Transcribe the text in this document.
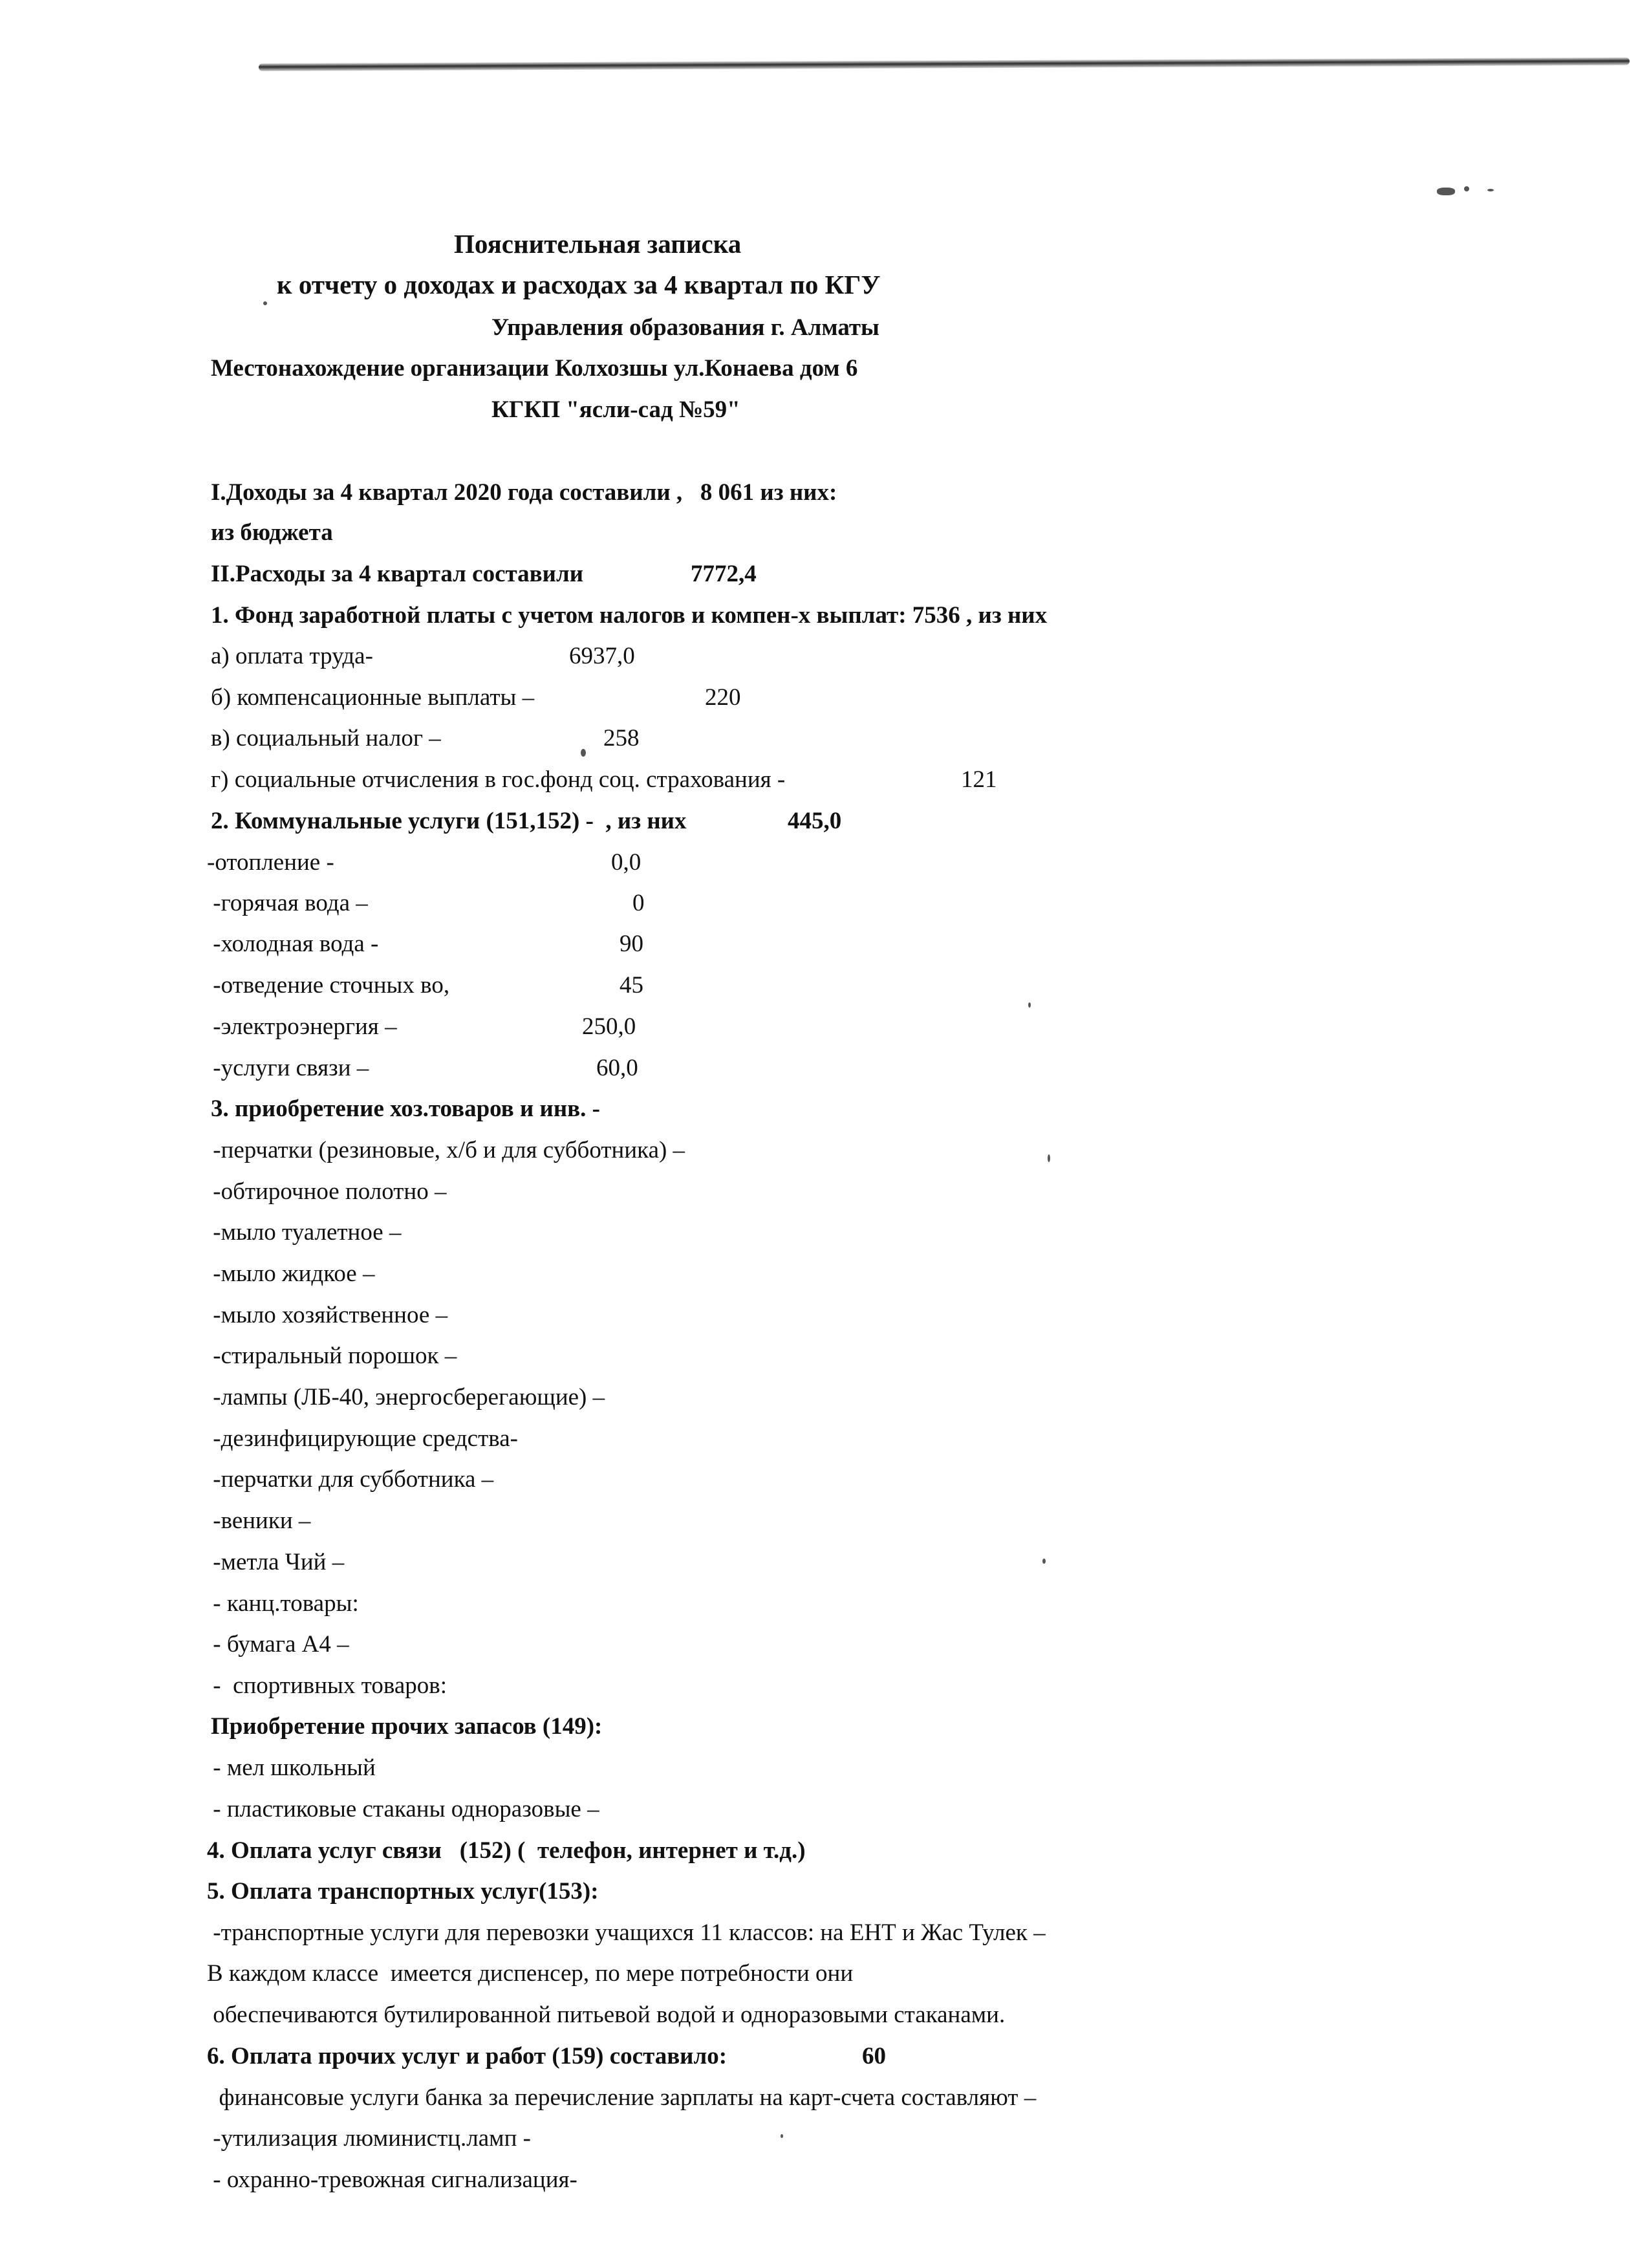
Пояснительная записка
к отчету о доходах и расходах за 4 квартал по КГУ
Управления образования г. Алматы
Местонахождение организации Колхозшы ул.Конаева дом 6
КГКП "ясли-сад №59"
I.Доходы за 4 квартал 2020 года составили ,   8 061 из них:
из бюджета
II.Расходы за 4 квартал составили	7772,4
1. Фонд заработной платы с учетом налогов и компен-х выплат: 7536 , из них
а) оплата труда-	6937,0
б) компенсационные выплаты –	220
в) социальный налог –	258
г) социальные отчисления в гос.фонд соц. страхования -	121
2. Коммунальные услуги (151,152) -  , из них	445,0
-отопление -	0,0
-горячая вода –	0
-холодная вода -	90
-отведение сточных во,	45
-электроэнергия –	250,0
-услуги связи –	60,0
3. приобретение хоз.товаров и инв. -
-перчатки (резиновые, х/б и для субботника) –
-обтирочное полотно –
-мыло туалетное –
-мыло жидкое –
-мыло хозяйственное –
-стиральный порошок –
-лампы (ЛБ-40, энергосберегающие) –
-дезинфицирующие средства-
-перчатки для субботника –
-веники –
-метла Чий –
- канц.товары:
- бумага А4 –
-  спортивных товаров:
Приобретение прочих запасов (149):
- мел школьный
- пластиковые стаканы одноразовые –
4. Оплата услуг связи   (152) (  телефон, интернет и т.д.)
5. Оплата транспортных услуг(153):
-транспортные услуги для перевозки учащихся 11 классов: на ЕНТ и Жас Тулек –
В каждом классе  имеется диспенсер, по мере потребности они
обеспечиваются бутилированной питьевой водой и одноразовыми стаканами.
6. Оплата прочих услуг и работ (159) составило:	60
финансовые услуги банка за перечисление зарплаты на карт-счета составляют –
-утилизация люминистц.ламп -
- охранно-тревожная сигнализация-
